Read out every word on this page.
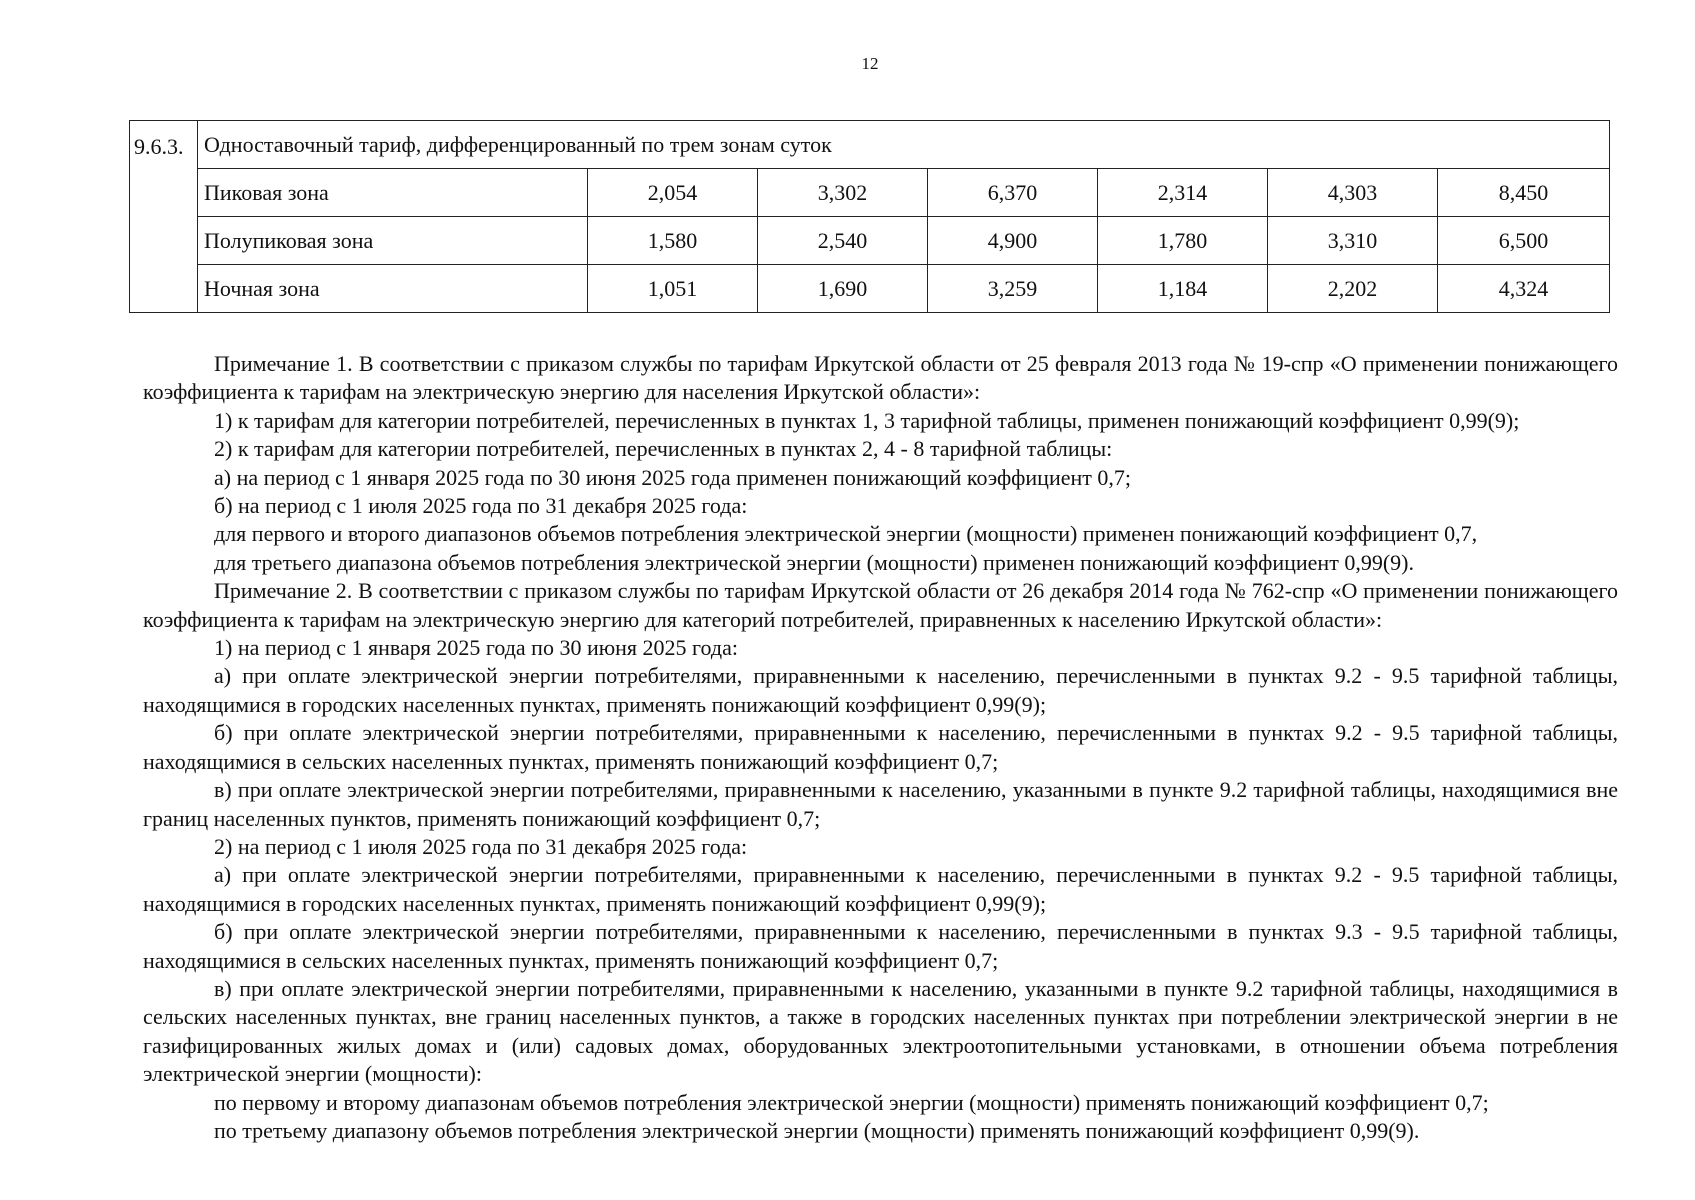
12
9.6.3.	Одноставочный тариф, дифференцированный по трем зонам суток						
	Пиковая зона	2,054	3,302	6,370	2,314	4,303	8,450
	Полупиковая зона	1,580	2,540	4,900	1,780	3,310	6,500
	Ночная зона	1,051	1,690	3,259	1,184	2,202	4,324

Примечание 1. В соответствии с приказом службы по тарифам Иркутской области от 25 февраля 2013 года № 19-спр «О применении понижающего коэффициента к тарифам на электрическую энергию для населения Иркутской области»:

1) к тарифам для категории потребителей, перечисленных в пунктах 1, 3 тарифной таблицы, применен понижающий коэффициент 0,99(9);

2) к тарифам для категории потребителей, перечисленных в пунктах 2, 4 - 8 тарифной таблицы:

а) на период с 1 января 2025 года по 30 июня 2025 года применен понижающий коэффициент 0,7;

б) на период с 1 июля 2025 года по 31 декабря 2025 года:

для первого и второго диапазонов объемов потребления электрической энергии (мощности) применен понижающий коэффициент 0,7,

для третьего диапазона объемов потребления электрической энергии (мощности) применен понижающий коэффициент 0,99(9).

Примечание 2. В соответствии с приказом службы по тарифам Иркутской области от 26 декабря 2014 года № 762-спр «О применении понижающего коэффициента к тарифам на электрическую энергию для категорий потребителей, приравненных к населению Иркутской области»:

1) на период с 1 января 2025 года по 30 июня 2025 года:

а) при оплате электрической энергии потребителями, приравненными к населению, перечисленными в пунктах 9.2 - 9.5 тарифной таблицы, находящимися в городских населенных пунктах, применять понижающий коэффициент 0,99(9);

б) при оплате электрической энергии потребителями, приравненными к населению, перечисленными в пунктах 9.2 - 9.5 тарифной таблицы, находящимися в сельских населенных пунктах, применять понижающий коэффициент 0,7;

в) при оплате электрической энергии потребителями, приравненными к населению, указанными в пункте 9.2 тарифной таблицы, находящимися вне границ населенных пунктов, применять понижающий коэффициент 0,7;

2) на период с 1 июля 2025 года по 31 декабря 2025 года:

а) при оплате электрической энергии потребителями, приравненными к населению, перечисленными в пунктах 9.2 - 9.5 тарифной таблицы, находящимися в городских населенных пунктах, применять понижающий коэффициент 0,99(9);

б) при оплате электрической энергии потребителями, приравненными к населению, перечисленными в пунктах 9.3 - 9.5 тарифной таблицы, находящимися в сельских населенных пунктах, применять понижающий коэффициент 0,7;

в) при оплате электрической энергии потребителями, приравненными к населению, указанными в пункте 9.2 тарифной таблицы, находящимися в сельских населенных пунктах, вне границ населенных пунктов, а также в городских населенных пунктах при потреблении электрической энергии в не газифицированных жилых домах и (или) садовых домах, оборудованных электроотопительными установками, в отношении объема потребления электрической энергии (мощности):

по первому и второму диапазонам объемов потребления электрической энергии (мощности) применять понижающий коэффициент 0,7;

по третьему диапазону объемов потребления электрической энергии (мощности) применять понижающий коэффициент 0,99(9).
